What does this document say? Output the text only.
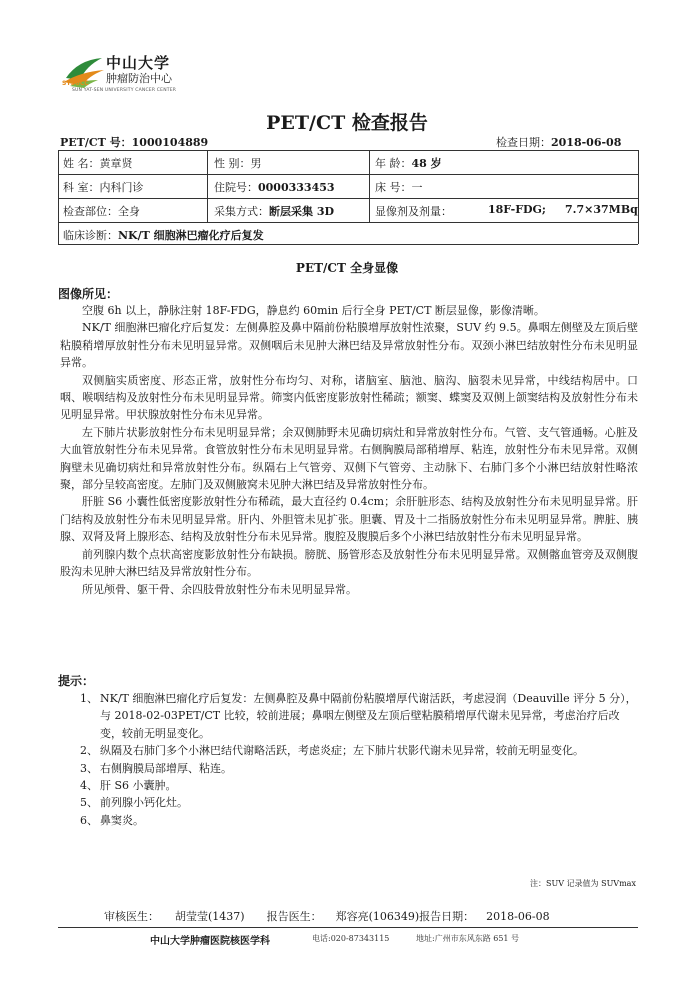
中山大学
肿瘤防治中心
SYSUCC
SUN YAT-SEN UNIVERSITY CANCER CENTER
PET/CT 检查报告
PET/CT 号：1000104889	检查日期：2018-06-08
姓 名：黄章贤	性 别：男	年 龄：48 岁
科 室：内科门诊	住院号：0000333453	床 号：一
检查部位：全身	采集方式：断层采集 3D	显像剂及剂量：	18F-FDG; 7.7×37MBq
临床诊断：NK/T 细胞淋巴瘤化疗后复发
PET/CT 全身显像
图像所见：

空腹 6h 以上，静脉注射 18F-FDG，静息约 60min 后行全身 PET/CT 断层显像，影像清晰。

NK/T 细胞淋巴瘤化疗后复发：左侧鼻腔及鼻中隔前份粘膜增厚放射性浓聚，SUV 约 9.5。鼻咽左侧壁及左顶后壁粘膜稍增厚放射性分布未见明显异常。双侧咽后未见肿大淋巴结及异常放射性分布。双颈小淋巴结放射性分布未见明显异常。

双侧脑实质密度、形态正常，放射性分布均匀、对称，诸脑室、脑池、脑沟、脑裂未见异常，中线结构居中。口咽、喉咽结构及放射性分布未见明显异常。筛窦内低密度影放射性稀疏；额窦、蝶窦及双侧上颌窦结构及放射性分布未见明显异常。甲状腺放射性分布未见异常。

左下肺片状影放射性分布未见明显异常；余双侧肺野未见确切病灶和异常放射性分布。气管、支气管通畅。心脏及大血管放射性分布未见异常。食管放射性分布未见明显异常。右侧胸膜局部稍增厚、粘连，放射性分布未见异常。双侧胸壁未见确切病灶和异常放射性分布。纵隔右上气管旁、双侧下气管旁、主动脉下、右肺门多个小淋巴结放射性略浓聚，部分呈较高密度。左肺门及双侧腋窝未见肿大淋巴结及异常放射性分布。

肝脏 S6 小囊性低密度影放射性分布稀疏，最大直径约 0.4cm；余肝脏形态、结构及放射性分布未见明显异常。肝门结构及放射性分布未见明显异常。肝内、外胆管未见扩张。胆囊、胃及十二指肠放射性分布未见明显异常。脾脏、胰腺、双肾及肾上腺形态、结构及放射性分布未见异常。腹腔及腹膜后多个小淋巴结放射性分布未见明显异常。

前列腺内数个点状高密度影放射性分布缺损。膀胱、肠管形态及放射性分布未见明显异常。双侧髂血管旁及双侧腹股沟未见肿大淋巴结及异常放射性分布。

所见颅骨、躯干骨、余四肢骨放射性分布未见明显异常。

提示：
1、 NK/T 细胞淋巴瘤化疗后复发：左侧鼻腔及鼻中隔前份粘膜增厚代谢活跃，考虑浸润（Deauville 评分 5 分），与 2018-02-03PET/CT 比较，较前进展；鼻咽左侧壁及左顶后壁粘膜稍增厚代谢未见异常，考虑治疗后改变，较前无明显变化。
2、 纵隔及右肺门多个小淋巴结代谢略活跃，考虑炎症；左下肺片状影代谢未见异常，较前无明显变化。
3、 右侧胸膜局部增厚、粘连。
4、 肝 S6 小囊肿。
5、 前列腺小钙化灶。
6、 鼻窦炎。
注：SUV 记录值为 SUVmax
审核医生： 胡莹莹(1437) 报告医生： 郑容亮(106349)报告日期： 2018-06-08
中山大学肿瘤医院核医学科	电话:020-87343115	地址:广州市东风东路 651 号
